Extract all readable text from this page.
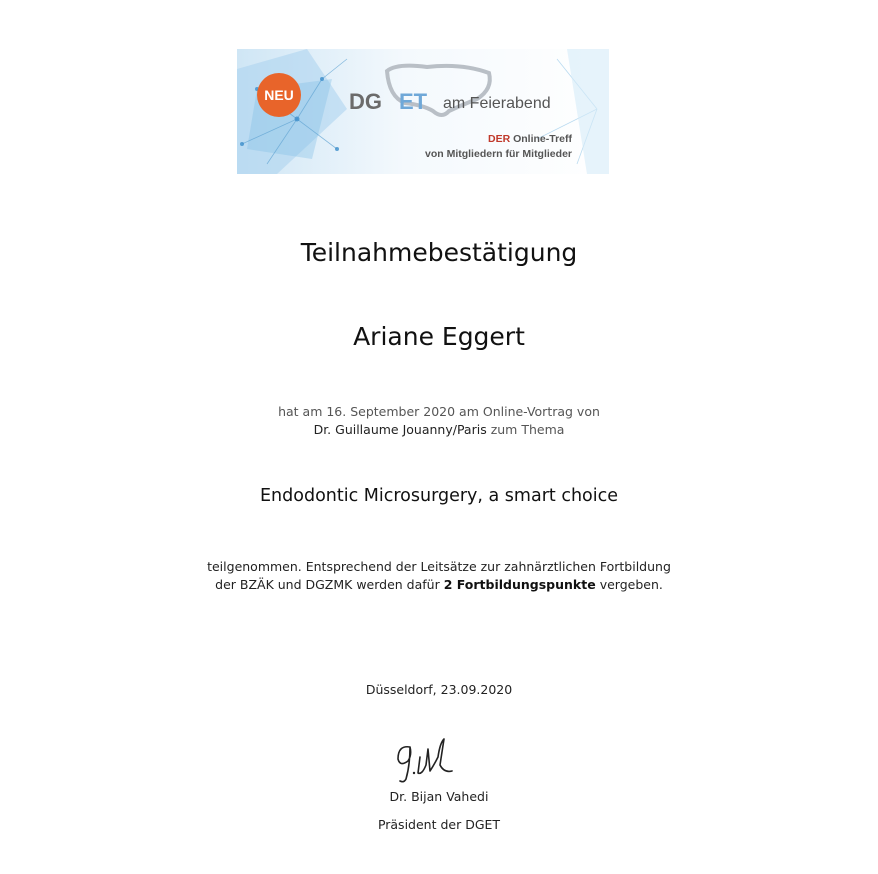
NEU	DG ET am Feierabend
DER Online-Treff
von Mitgliedern für Mitglieder
Teilnahmebestätigung
Ariane Eggert
hat am 16. September 2020 am Online-Vortrag von
Dr. Guillaume Jouanny/Paris zum Thema
Endodontic Microsurgery, a smart choice
teilgenommen. Entsprechend der Leitsätze zur zahnärztlichen Fortbildung
der BZÄK und DGZMK werden dafür 2 Fortbildungspunkte vergeben.
Düsseldorf, 23.09.2020
Dr. Bijan Vahedi
Präsident der DGET
